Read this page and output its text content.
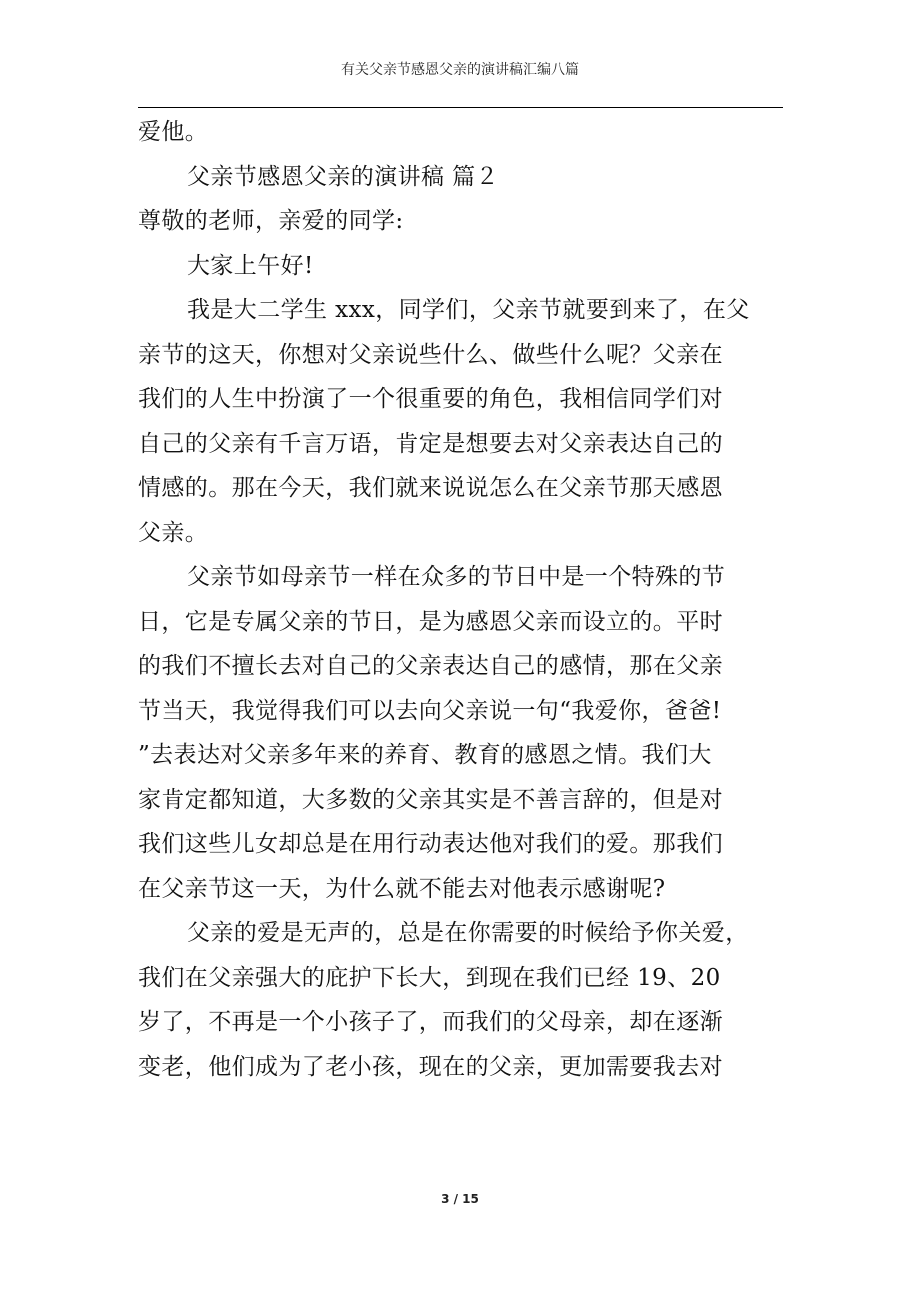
有关父亲节感恩父亲的演讲稿汇编八篇
爱他。
父亲节感恩父亲的演讲稿 篇２
尊敬的老师，亲爱的同学:
大家上午好!
我是大二学生 xxx，同学们，父亲节就要到来了，在父
亲节的这天，你想对父亲说些什么、做些什么呢？父亲在
我们的人生中扮演了一个很重要的角色，我相信同学们对
自己的父亲有千言万语，肯定是想要去对父亲表达自己的
情感的。那在今天，我们就来说说怎么在父亲节那天感恩
父亲。
父亲节如母亲节一样在众多的节日中是一个特殊的节
日，它是专属父亲的节日，是为感恩父亲而设立的。平时
的我们不擅长去对自己的父亲表达自己的感情，那在父亲
节当天，我觉得我们可以去向父亲说一句“我爱你，爸爸!
”去表达对父亲多年来的养育、教育的感恩之情。我们大
家肯定都知道，大多数的父亲其实是不善言辞的，但是对
我们这些儿女却总是在用行动表达他对我们的爱。那我们
在父亲节这一天，为什么就不能去对他表示感谢呢?
父亲的爱是无声的，总是在你需要的时候给予你关爱，
我们在父亲强大的庇护下长大，到现在我们已经 19、20
岁了，不再是一个小孩子了，而我们的父母亲，却在逐渐
变老，他们成为了老小孩，现在的父亲，更加需要我去对
3 / 15
